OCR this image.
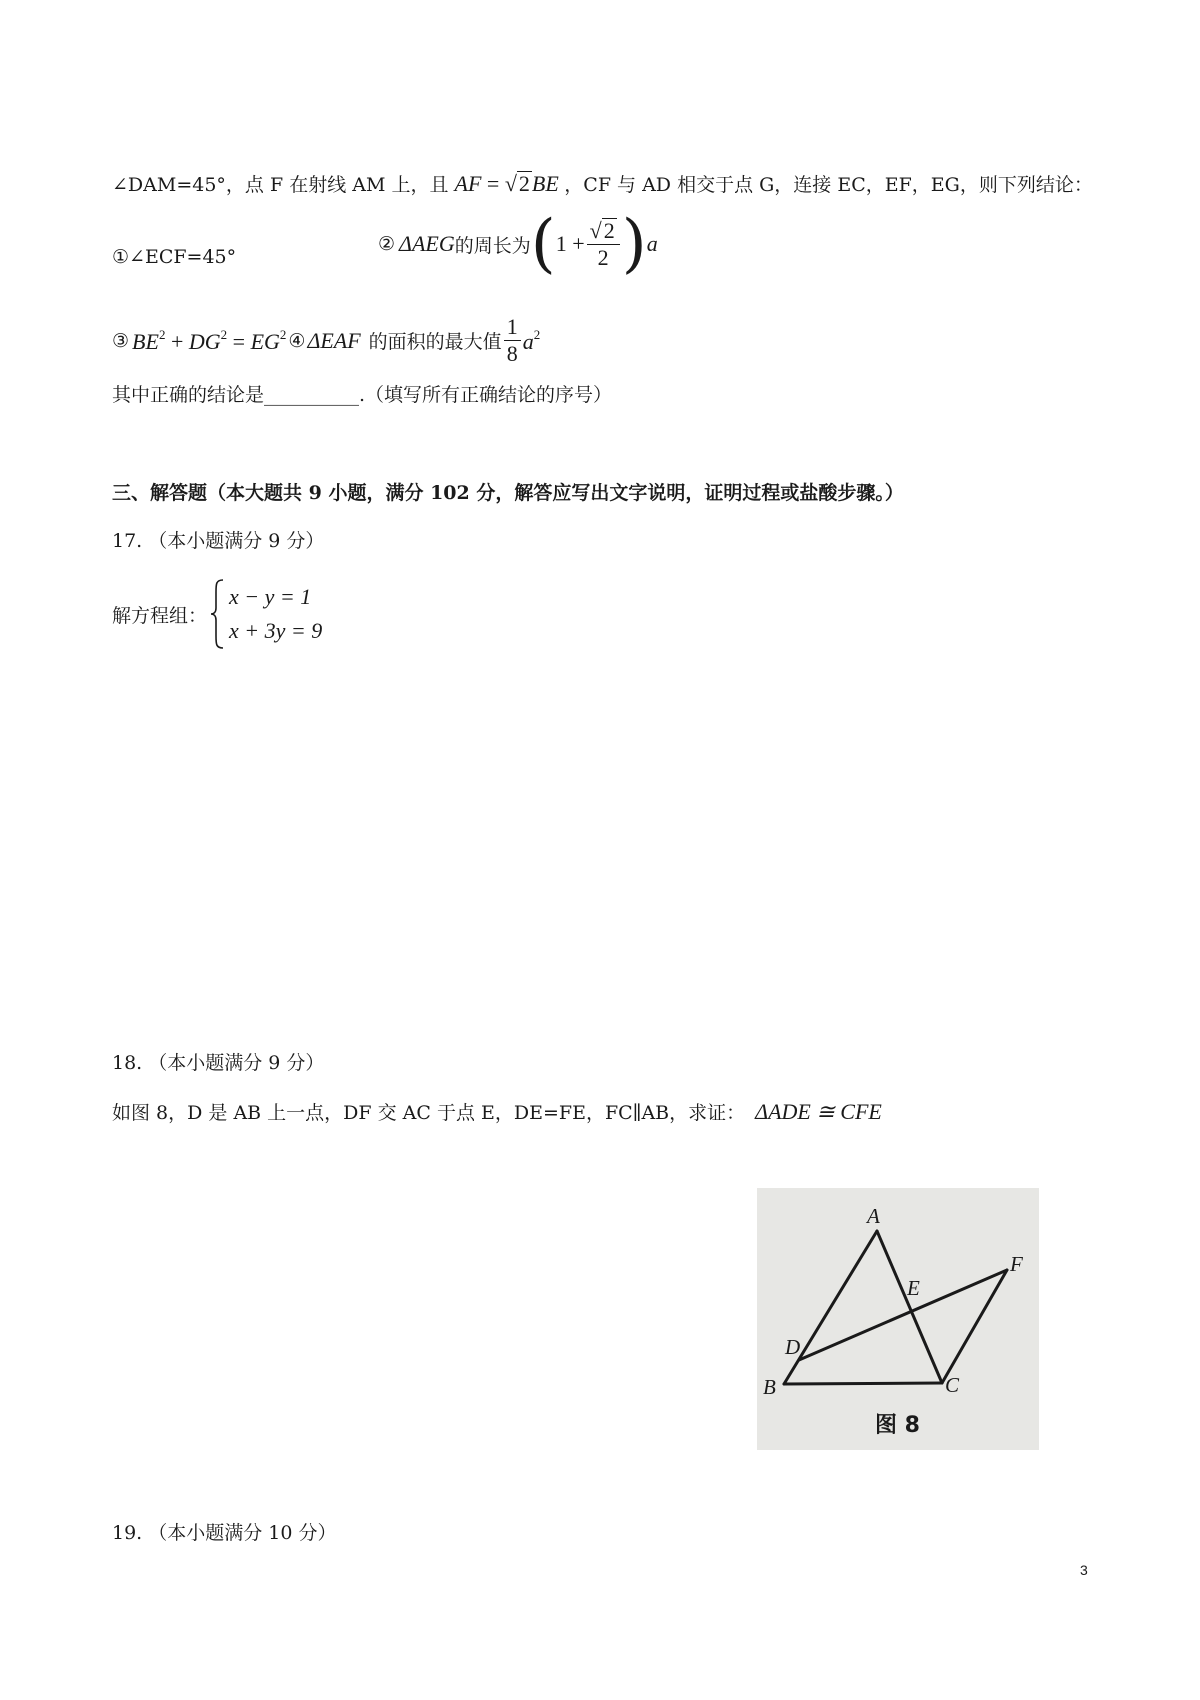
∠DAM=45°，点 F 在射线 AM 上，且 AF = √2BE ，CF 与 AD 相交于点 G，连接 EC，EF，EG，则下列结论：
①∠ECF=45°
② ΔAEG 的周长为 ( $1 + \frac{√2}{2}$ ) a
③ $BE^2 + DG^2 = EG^2$ ④ ΔEAF 的面积的最大值 $\frac{1}{8} a^2$
其中正确的结论是__________.（填写所有正确结论的序号）
三、解答题（本大题共 9 小题，满分 102 分，解答应写出文字说明，证明过程或盐酸步骤。）
17. （本小题满分 9 分）
解方程组：
x − y = 1
x + 3y = 9
18. （本小题满分 9 分）
如图 8，D 是 AB 上一点，DF 交 AC 于点 E，DE=FE，FC∥AB，求证： ΔADE ≅ CFE
A
B	C
D
E
F
图 8
19. （本小题满分 10 分）
3
